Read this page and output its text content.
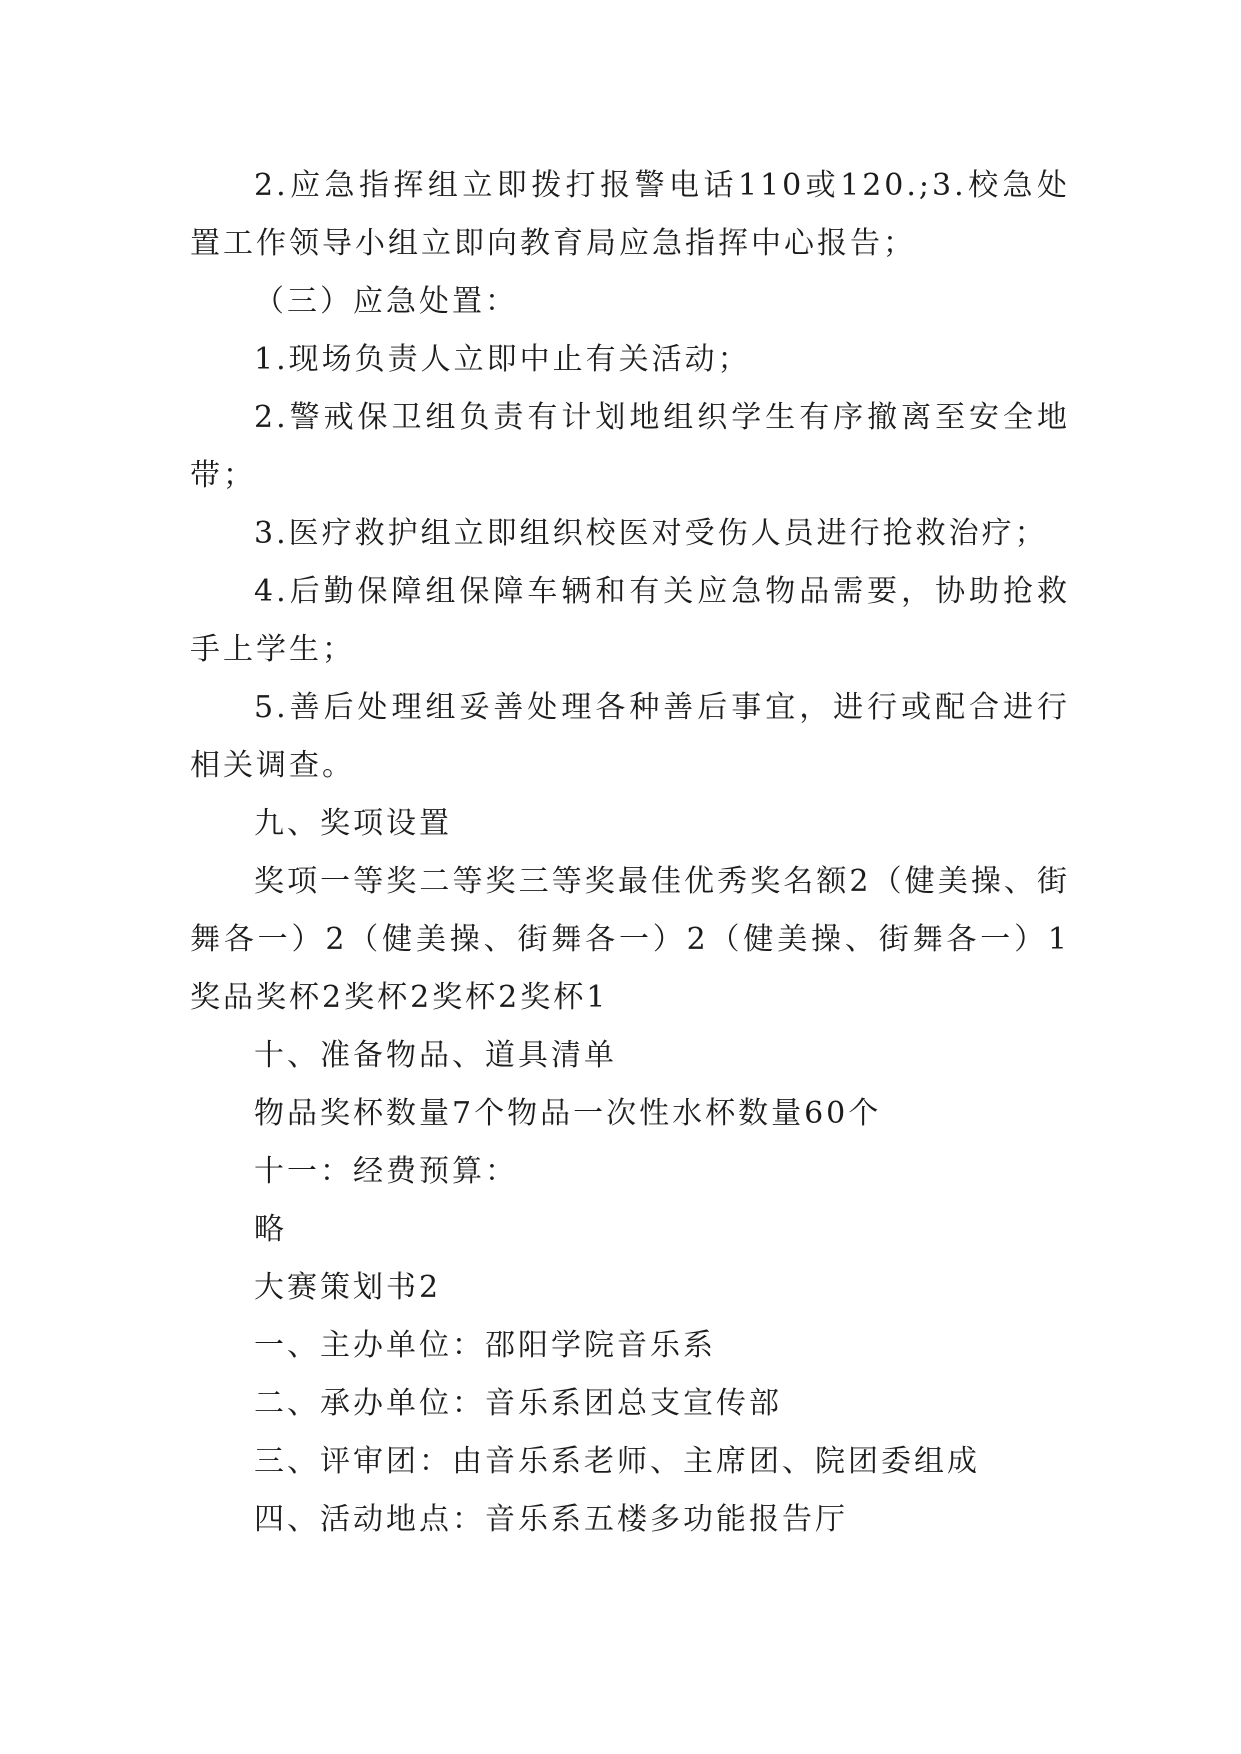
2.应急指挥组立即拨打报警电话110或120.;3.校急处置工作领导小组立即向教育局应急指挥中心报告；

（三）应急处置：

1.现场负责人立即中止有关活动；

2.警戒保卫组负责有计划地组织学生有序撤离至安全地带；

3.医疗救护组立即组织校医对受伤人员进行抢救治疗；

4.后勤保障组保障车辆和有关应急物品需要，协助抢救手上学生；

5.善后处理组妥善处理各种善后事宜，进行或配合进行相关调查。

九、奖项设置

奖项一等奖二等奖三等奖最佳优秀奖名额2（健美操、街舞各一）2（健美操、街舞各一）2（健美操、街舞各一）1奖品奖杯2奖杯2奖杯2奖杯1

十、准备物品、道具清单

物品奖杯数量7个物品一次性水杯数量60个

十一：经费预算：

略

大赛策划书2

一、主办单位：邵阳学院音乐系

二、承办单位：音乐系团总支宣传部

三、评审团：由音乐系老师、主席团、院团委组成

四、活动地点：音乐系五楼多功能报告厅
